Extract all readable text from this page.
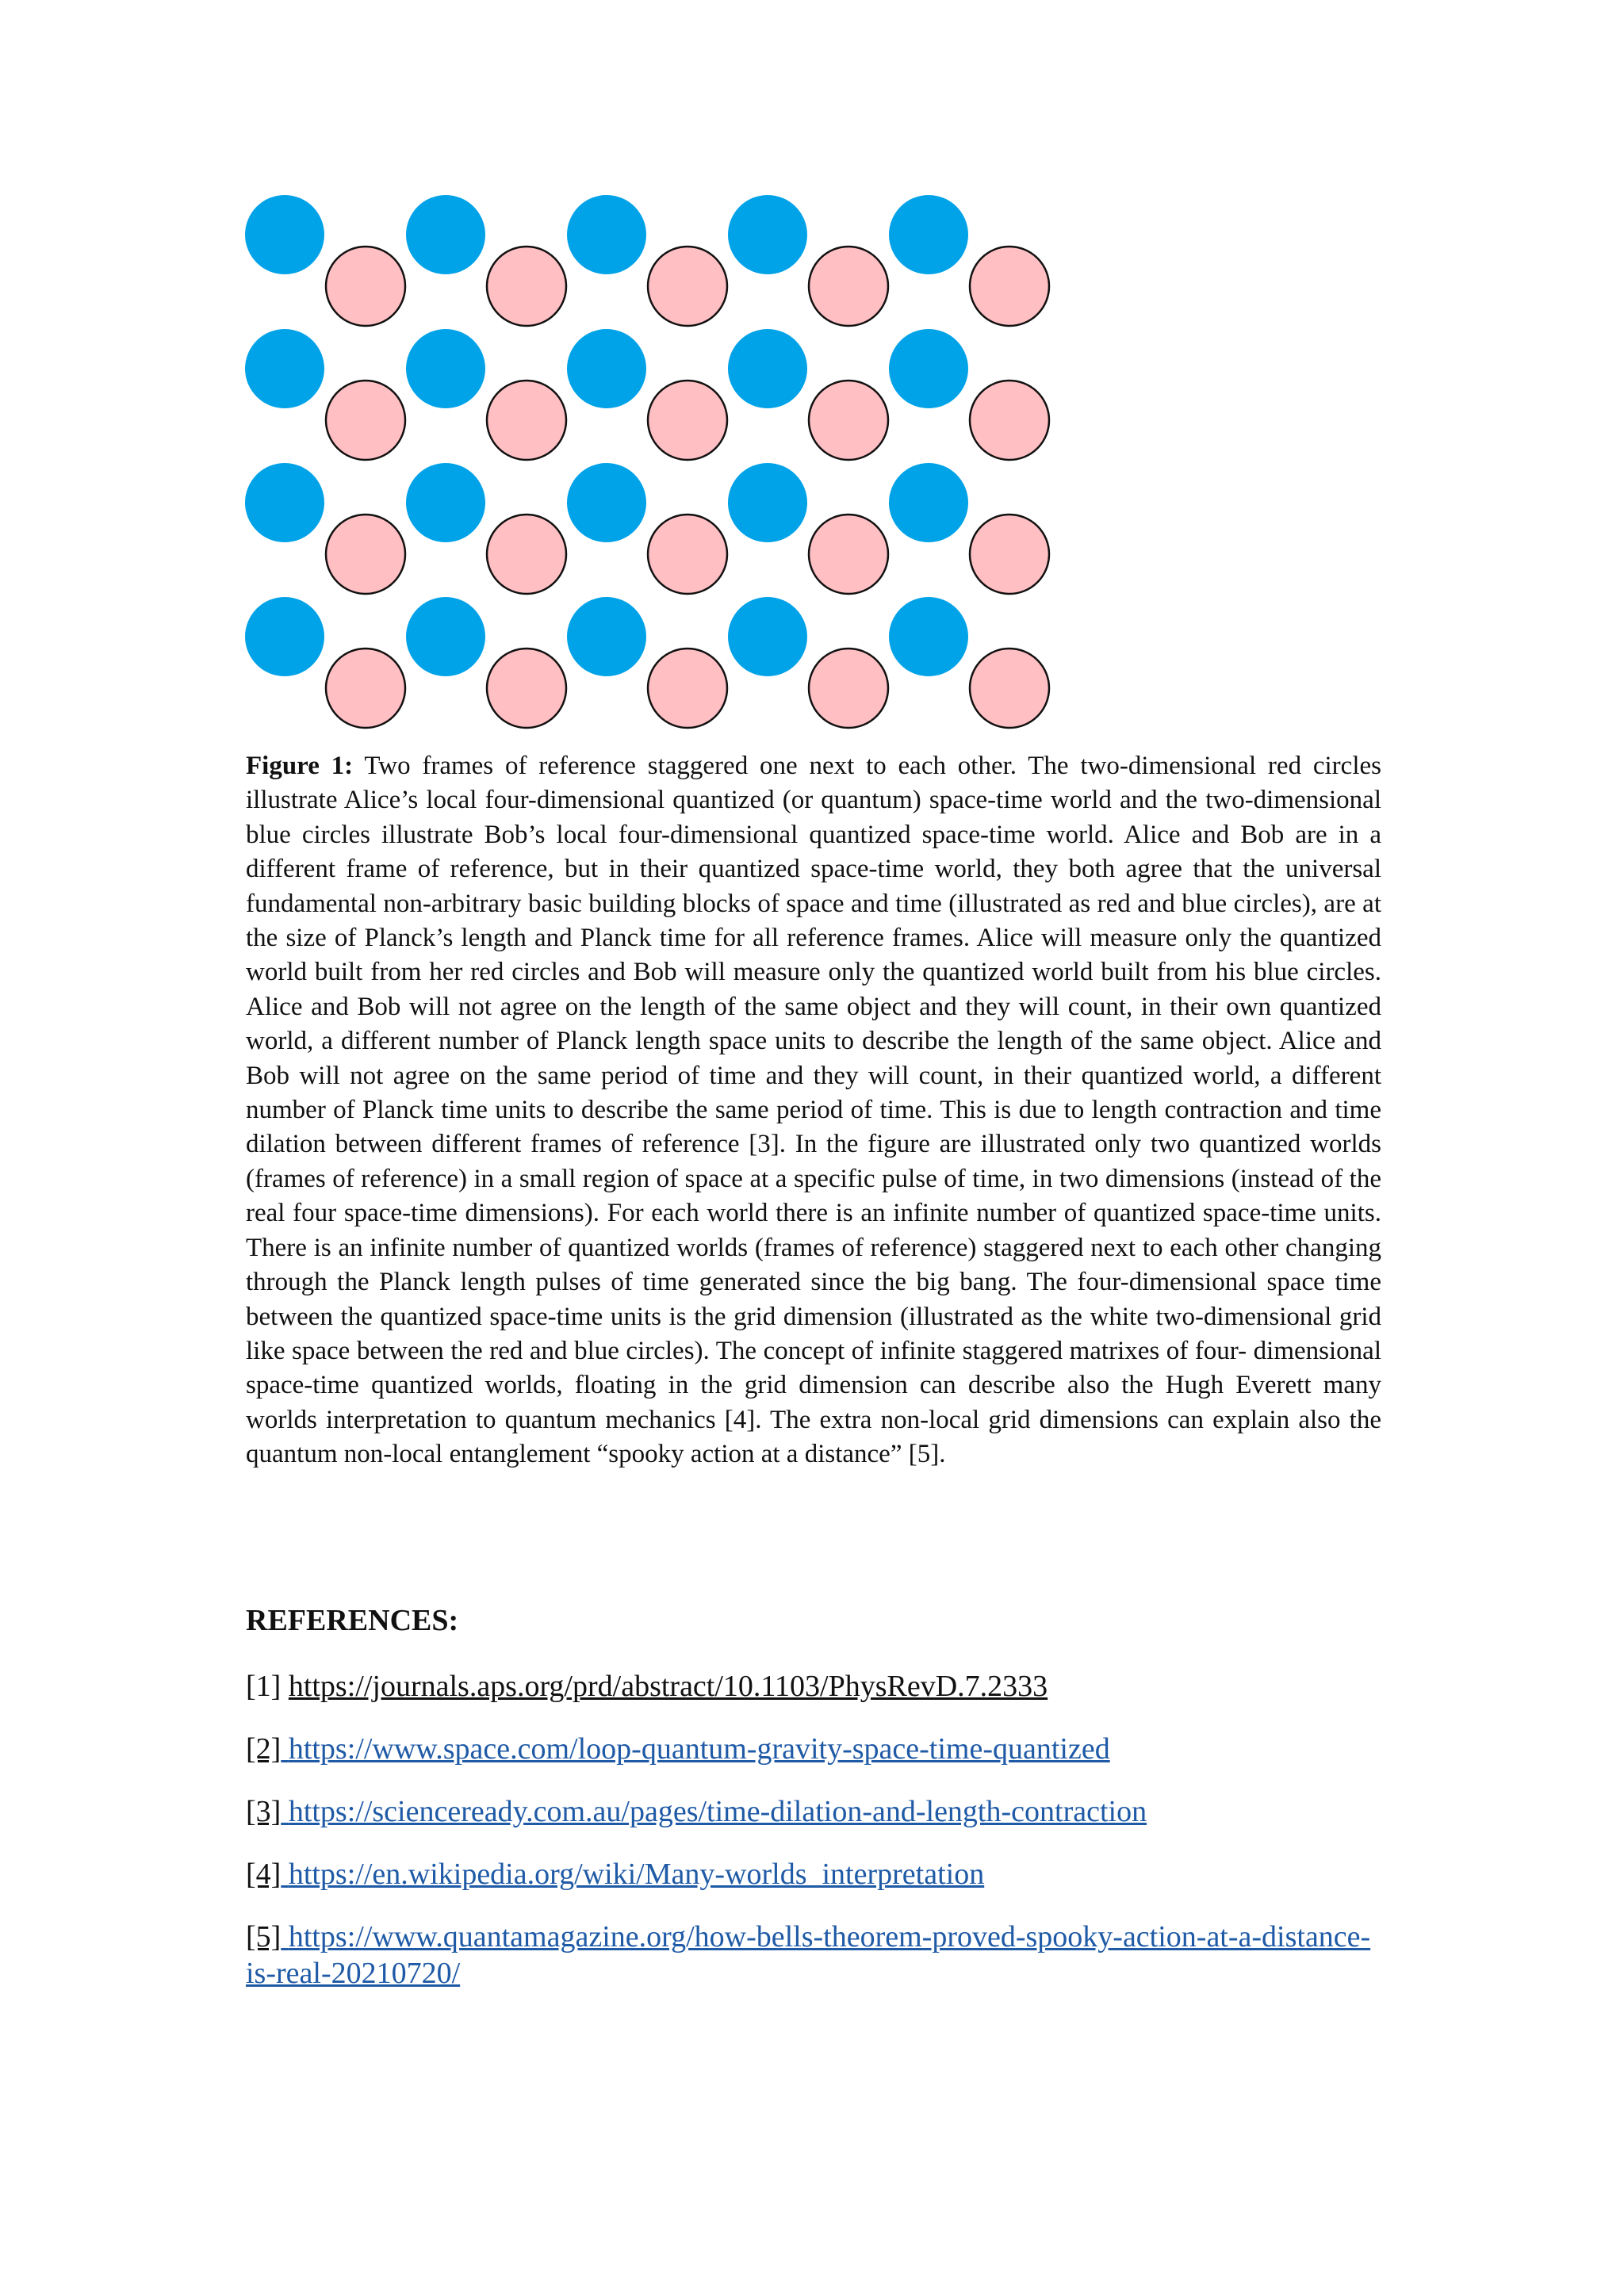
Figure 1: Two frames of reference staggered one next to each other. The two-dimensional red circles illustrate Alice’s local four-dimensional quantized (or quantum) space-time world and the two-dimensional blue circles illustrate Bob’s local four-dimensional quantized space-time world. Alice and Bob are in a different frame of reference, but in their quantized space-time world, they both agree that the universal fundamental non-arbitrary basic building blocks of space and time (illustrated as red and blue circles), are at the size of Planck’s length and Planck time for all reference frames. Alice will measure only the quantized world built from her red circles and Bob will measure only the quantized world built from his blue circles. Alice and Bob will not agree on the length of the same object and they will count, in their own quantized world, a different number of Planck length space units to describe the length of the same object. Alice and Bob will not agree on the same period of time and they will count, in their quantized world, a different number of Planck time units to describe the same period of time. This is due to length contraction and time dilation between different frames of reference [3]. In the figure are illustrated only two quantized worlds (frames of reference) in a small region of space at a specific pulse of time, in two dimensions (instead of the real four space-time dimensions). For each world there is an infinite number of quantized space-time units. There is an infinite number of quantized worlds (frames of reference) staggered next to each other changing through the Planck length pulses of time generated since the big bang. The four-dimensional space time between the quantized space-time units is the grid dimension (illustrated as the white two-dimensional grid like space between the red and blue circles). The concept of infinite staggered matrixes of four- dimensional space-time quantized worlds, floating in the grid dimension can describe also the Hugh Everett many worlds interpretation to quantum mechanics [4]. The extra non-local grid dimensions can explain also the quantum non-local entanglement “spooky action at a distance” [5].

REFERENCES:

[1] https://journals.aps.org/prd/abstract/10.1103/PhysRevD.7.2333

[2] https://www.space.com/loop-quantum-gravity-space-time-quantized

[3] https://scienceready.com.au/pages/time-dilation-and-length-contraction

[4] https://en.wikipedia.org/wiki/Many-worlds_interpretation

[5] https://www.quantamagazine.org/how-bells-theorem-proved-spooky-action-at-a-distance-is-real-20210720/
